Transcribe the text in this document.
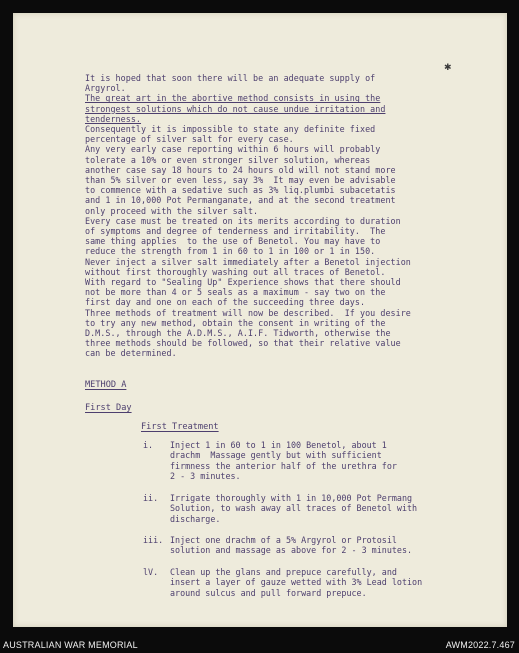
✱
It is hoped that soon there will be an adequate supply of
Argyrol.
The great art in the abortive method consists in using the
strongest solutions which do not cause undue irritation and
tenderness.
Consequently it is impossible to state any definite fixed
percentage of silver salt for every case.
Any very early case reporting within 6 hours will probably
tolerate a 10% or even stronger silver solution, whereas
another case say 18 hours to 24 hours old will not stand more
than 5% silver or even less, say 3%  It may even be advisable
to commence with a sedative such as 3% liq.plumbi subacetatis
and 1 in 10,000 Pot Permanganate, and at the second treatment
only proceed with the silver salt.
Every case must be treated on its merits according to duration
of symptoms and degree of tenderness and irritability.  The
same thing applies  to the use of Benetol. You may have to
reduce the strength from 1 in 60 to 1 in 100 or 1 in 150.
Never inject a silver salt immediately after a Benetol injection
without first thoroughly washing out all traces of Benetol.
With regard to "Sealing Up" Experience shows that there should
not be more than 4 or 5 seals as a maximum - say two on the
first day and one on each of the succeeding three days.
Three methods of treatment will now be described.  If you desire
to try any new method, obtain the consent in writing of the
D.M.S., through the A.D.M.S., A.I.F. Tidworth, otherwise the
three methods should be followed, so that their relative value
can be determined.
METHOD A
First Day
First Treatment
i. Inject 1 in 60 to 1 in 100 Benetol, about 1
drachm  Massage gently but with sufficient
firmness the anterior half of the urethra for
2 - 3 minutes.
ii. Irrigate thoroughly with 1 in 10,000 Pot Permang
Solution, to wash away all traces of Benetol with
discharge.
iii. Inject one drachm of a 5% Argyrol or Protosil
solution and massage as above for 2 - 3 minutes.
lV. Clean up the glans and prepuce carefully, and
insert a layer of gauze wetted with 3% Lead lotion
around sulcus and pull forward prepuce.
AUSTRALIAN WAR MEMORIAL	AWM2022.7.467
